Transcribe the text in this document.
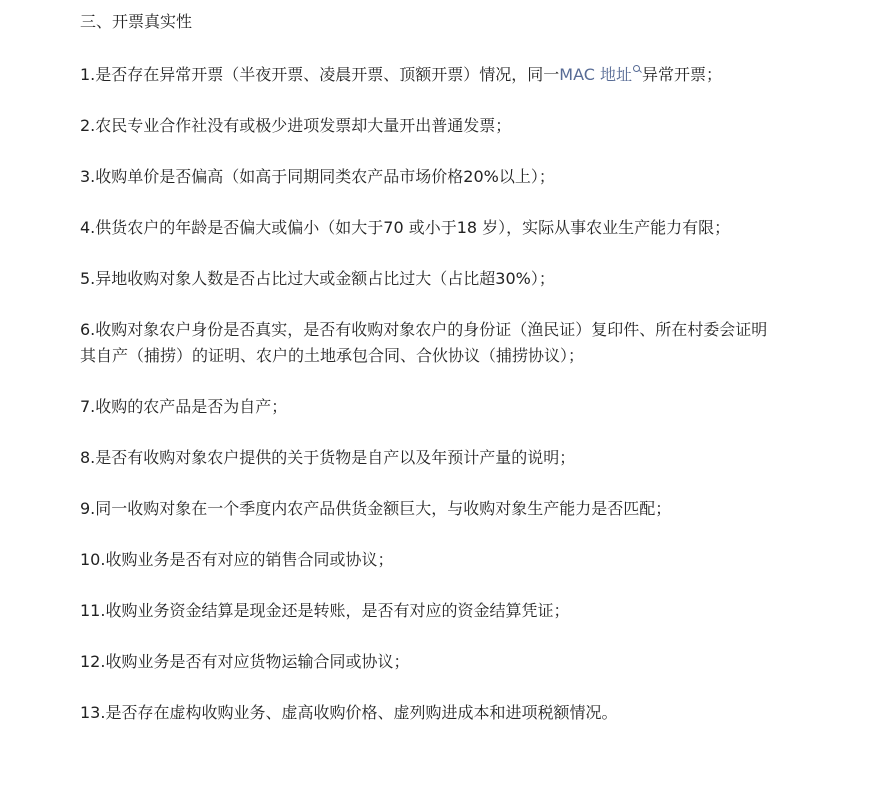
三、开票真实性
1.是否存在异常开票（半夜开票、凌晨开票、顶额开票）情况，同一MAC 地址 异常开票；
2.农民专业合作社没有或极少进项发票却大量开出普通发票；
3.收购单价是否偏高（如高于同期同类农产品市场价格20%以上）；
4.供货农户的年龄是否偏大或偏小（如大于70 或小于18 岁），实际从事农业生产能力有限；
5.异地收购对象人数是否占比过大或金额占比过大（占比超30%）；
6.收购对象农户身份是否真实，是否有收购对象农户的身份证（渔民证）复印件、所在村委会证明其自产（捕捞）的证明、农户的土地承包合同、合伙协议（捕捞协议）；
7.收购的农产品是否为自产；
8.是否有收购对象农户提供的关于货物是自产以及年预计产量的说明；
9.同一收购对象在一个季度内农产品供货金额巨大，与收购对象生产能力是否匹配；
10.收购业务是否有对应的销售合同或协议；
11.收购业务资金结算是现金还是转账，是否有对应的资金结算凭证；
12.收购业务是否有对应货物运输合同或协议；
13.是否存在虚构收购业务、虚高收购价格、虚列购进成本和进项税额情况。
